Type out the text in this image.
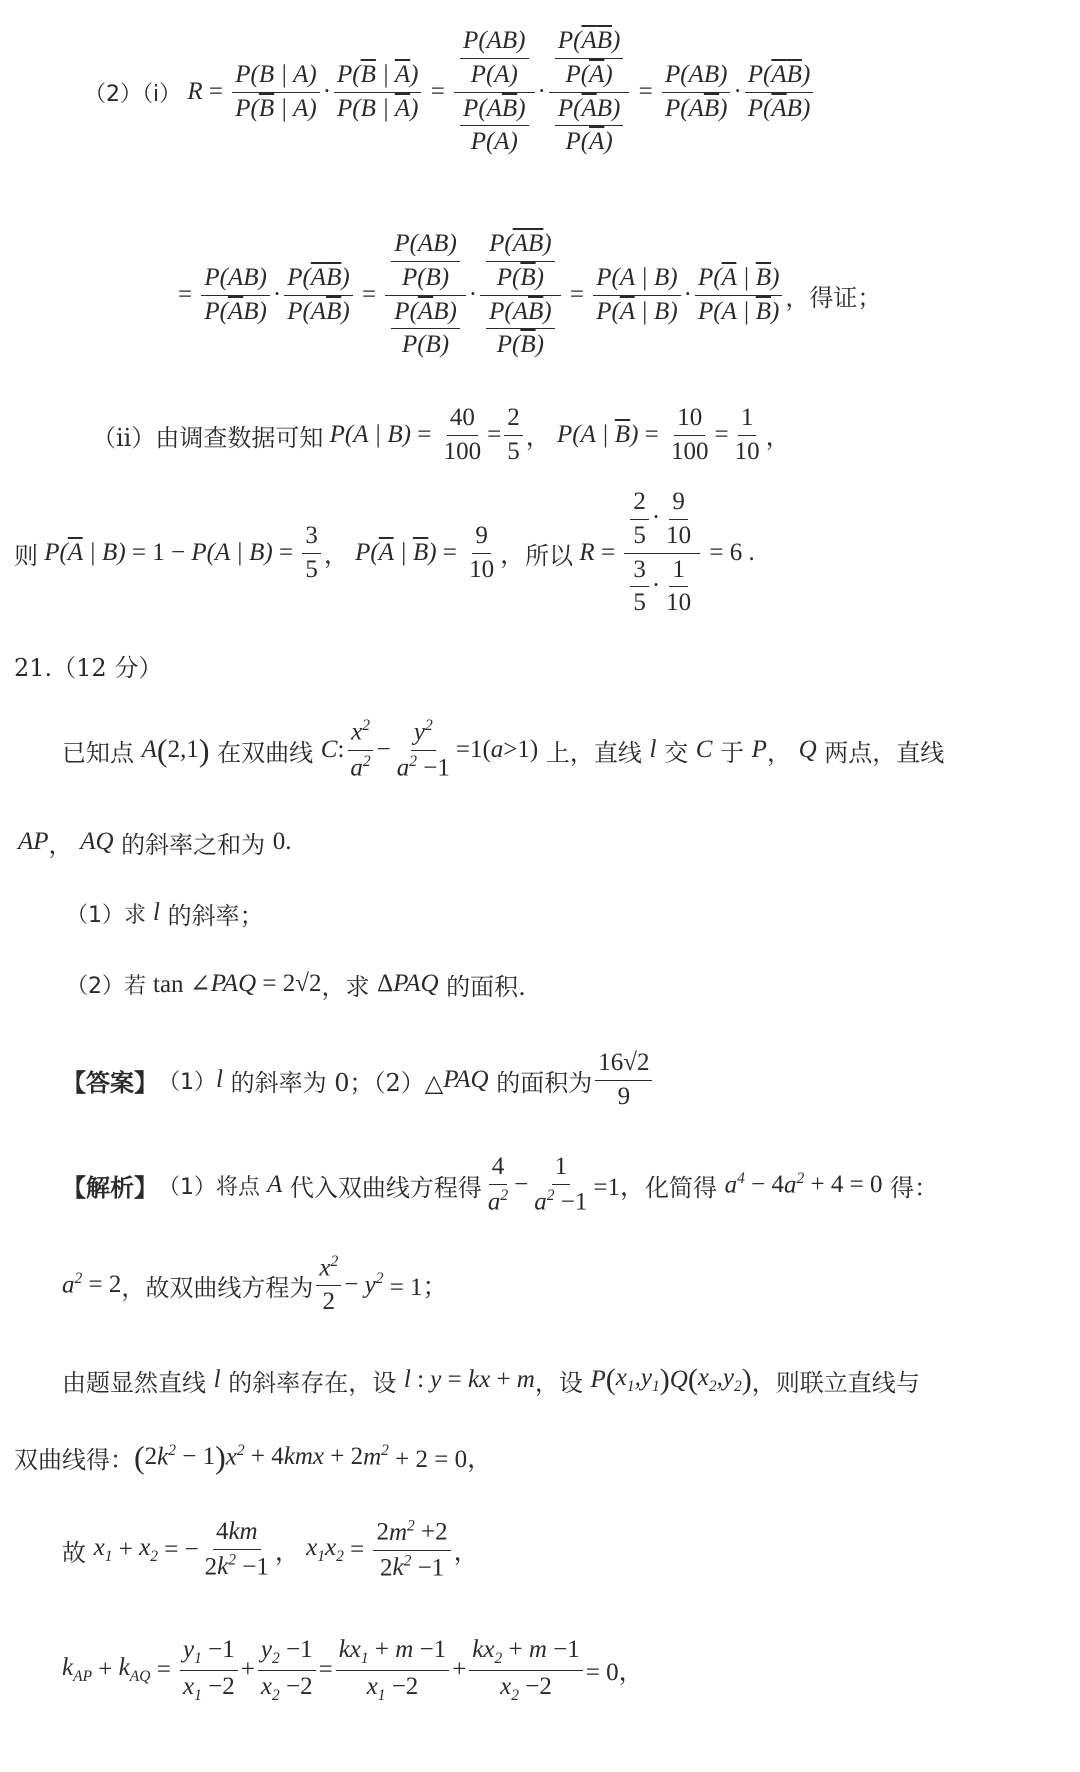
（2）（i） $R = \frac{P(B | A)}{P(\overline{B} | A)} \cdot \frac{P(\overline{B} | \overline{A})}{P(B | \overline{A})} = \frac{\frac{P(AB)}{P(A)}}{\frac{P(A\overline{B})}{P(A)}} \cdot \frac{\frac{P(\overline{A}\overline{B})}{P(\overline{A})}}{\frac{P(\overline{A}B)}{P(\overline{A})}} = \frac{P(AB)}{P(A\overline{B})} \cdot \frac{P(\overline{A}\overline{B})}{P(\overline{A}B)}$
= $\frac{P(AB)}{P(\overline{A}B)} \cdot \frac{P(\overline{A}\overline{B})}{P(A\overline{B})} = \frac{\frac{P(AB)}{P(B)}}{\frac{P(\overline{A}B)}{P(B)}} \cdot \frac{\frac{P(\overline{A}\overline{B})}{P(\overline{B})}}{\frac{P(A\overline{B})}{P(\overline{B})}} = \frac{P(A | B)}{P(\overline{A} | B)} \cdot \frac{P(\overline{A} | \overline{B})}{P(A | \overline{B})}$ ，得证；
（ii）由调查数据可知 P(A | $B) = \frac{40}{100} = \frac{2}{5}$ ， P(A | $\overline{B}) = \frac{10}{100} = \frac{1}{10}$ ，
则 $P(\overline{A}$ | B) = 1 − P(A | $B) = \frac{3}{5}$ ， $P(\overline{A}$ | $\overline{B}) = \frac{9}{10}$ ， 所以 $R = \frac{\frac{2}{5} \cdot \frac{9}{10}}{\frac{3}{5} \cdot \frac{1}{10}} = 6$ .
21.（12 分）
已知点 A ( 2,1 ) 在双曲线 C : $\frac{x^2}{a^2} - \frac{y^2}{a^2 -1} =1$( a >1) 上，直线 l 交 C 于 P ， Q 两点，直线
AP ， AQ 的斜率之和为 0.
（1）求 l 的斜率；
（2）若 tan ∠ PAQ = 2√2 ，求 Δ PAQ 的面积.
【答案】 （1） l 的斜率为 0；（2）△ PAQ 的面积为 $\frac{16√2}{9}$
【解析】 （1）将点 A 代入双曲线方程得 $\frac{4}{a^2} - \frac{1}{a^2 -1} =1$， 化简得 $a^4 - 4$ $a^2 + 4 = 0$ 得：
$a^2 = 2$ ，故双曲线方程为 $\frac{x^2}{2} - y^2 = 1$；
由题显然直线 l 的斜率存在，设 l : y = kx + m ，设 P ( $x_1,y_1$ ) Q ( $x_2,y_2$ ) ，则联立直线与
双曲线得： ( 2 $k^2 - 1$ ) $x^2 + 4$ kmx + 2 $m^2 + 2 = 0$，
故 $x_1 + x_2$ = − $\frac{4km}{2k^2 -1}$ ， $x_1x_2 = \frac{2m^2 +2}{2k^2 -1}$ ，
$k_{AP} + k_{AQ} = \frac{y_1 -1}{x_1 -2} + \frac{y_2 -1}{x_2 -2} = \frac{kx_1 + m -1}{x_1 -2} + \frac{kx_2 + m -1}{x_2 -2} = 0$，
